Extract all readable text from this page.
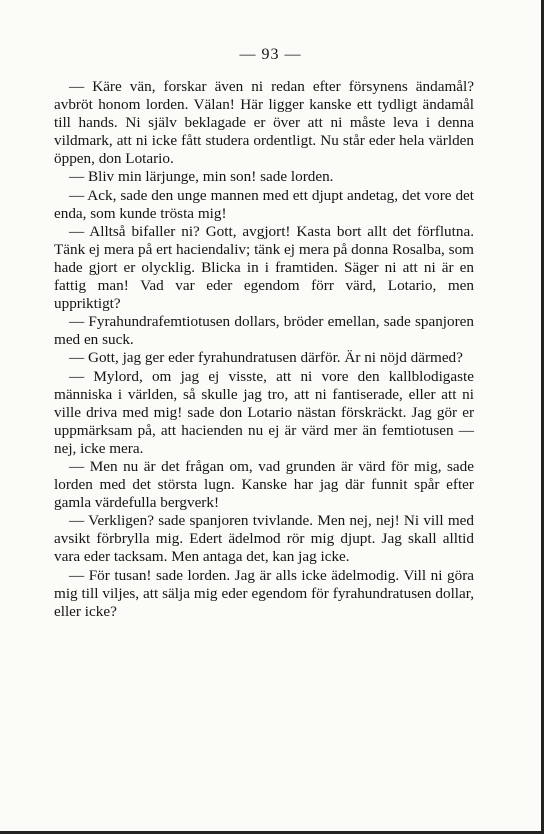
— 93 —

— Käre vän, forskar även ni redan efter försynens ändamål? avbröt honom lorden. Välan! Här ligger kanske ett tydligt ändamål till hands. Ni själv beklagade er över att ni måste leva i denna vildmark, att ni icke fått studera ordentligt. Nu står eder hela världen öppen, don Lotario.

— Bliv min lärjunge, min son! sade lorden.

— Ack, sade den unge mannen med ett djupt andetag, det vore det enda, som kunde trösta mig!

— Alltså bifaller ni? Gott, avgjort! Kasta bort allt det förflutna. Tänk ej mera på ert haciendaliv; tänk ej mera på donna Rosalba, som hade gjort er olycklig. Blicka in i framtiden. Säger ni att ni är en fattig man! Vad var eder egendom förr värd, Lotario, men uppriktigt?

— Fyrahundrafemtiotusen dollars, bröder emellan, sade spanjoren med en suck.

— Gott, jag ger eder fyrahundratusen därför. Är ni nöjd därmed?

— Mylord, om jag ej visste, att ni vore den kallblodigaste människa i världen, så skulle jag tro, att ni fantiserade, eller att ni ville driva med mig! sade don Lotario nästan förskräckt. Jag gör er uppmärksam på, att hacienden nu ej är värd mer än femtiotusen — nej, icke mera.

— Men nu är det frågan om, vad grunden är värd för mig, sade lorden med det största lugn. Kanske har jag där funnit spår efter gamla värdefulla bergverk!

— Verkligen? sade spanjoren tvivlande. Men nej, nej! Ni vill med avsikt förbrylla mig. Edert ädelmod rör mig djupt. Jag skall alltid vara eder tacksam. Men antaga det, kan jag icke.

— För tusan! sade lorden. Jag är alls icke ädelmodig. Vill ni göra mig till viljes, att sälja mig eder egendom för fyrahundratusen dollar, eller icke?
